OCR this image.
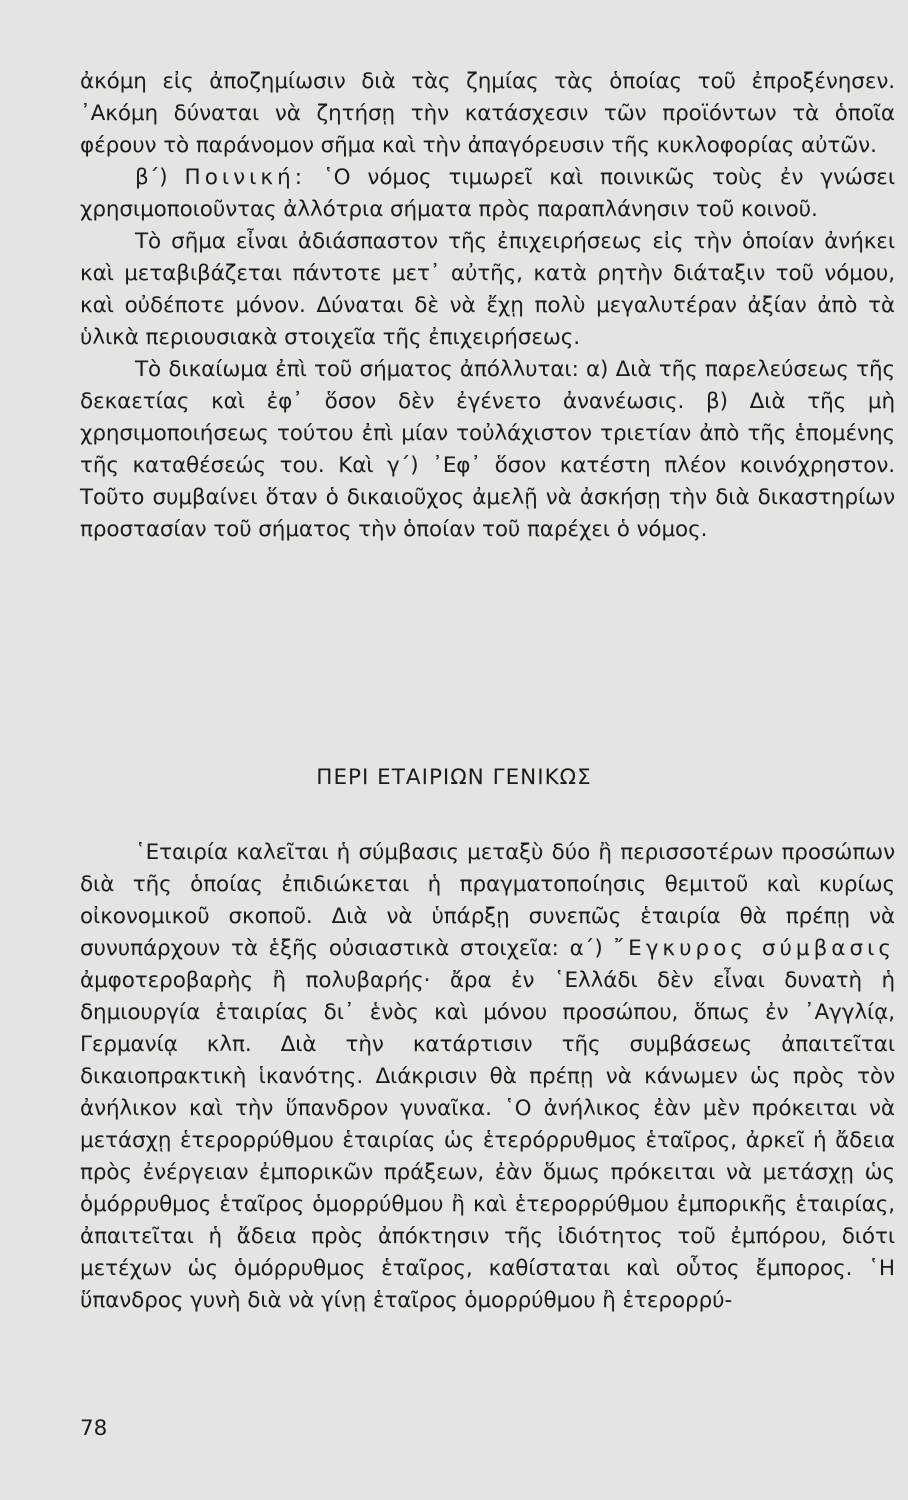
ἀκόμη εἰς ἀποζημίωσιν διὰ τὰς ζημίας τὰς ὁποίας τοῦ ἐπροξένησεν. ᾿Ακόμη δύναται νὰ ζητήσῃ τὴν κατάσχεσιν τῶν προϊόντων τὰ ὁποῖα φέρουν τὸ παράνομον σῆμα καὶ τὴν ἀπαγόρευσιν τῆς κυκλοφορίας αὐτῶν.

β΄) Ποινική: ῾Ο νόμος τιμωρεῖ καὶ ποινικῶς τοὺς ἐν γνώσει χρησιμοποιοῦντας ἀλλότρια σήματα πρὸς παραπλάνησιν τοῦ κοινοῦ.

Τὸ σῆμα εἶναι ἀδιάσπαστον τῆς ἐπιχειρήσεως εἰς τὴν ὁποίαν ἀνήκει καὶ μεταβιβάζεται πάντοτε μετ᾿ αὐτῆς, κατὰ ρητὴν διάταξιν τοῦ νόμου, καὶ οὐδέποτε μόνον. Δύναται δὲ νὰ ἔχῃ πολὺ μεγαλυτέραν ἀξίαν ἀπὸ τὰ ὑλικὰ περιουσιακὰ στοιχεῖα τῆς ἐπιχειρήσεως.

Τὸ δικαίωμα ἐπὶ τοῦ σήματος ἀπόλλυται: α) Διὰ τῆς παρελεύσεως τῆς δεκαετίας καὶ ἐφ᾿ ὅσον δὲν ἐγένετο ἀνανέωσις. β) Διὰ τῆς μὴ χρησιμοποιήσεως τούτου ἐπὶ μίαν τοὐλάχιστον τριετίαν ἀπὸ τῆς ἑπομένης τῆς καταθέσεώς του. Καὶ γ΄) ᾿Εφ᾿ ὅσον κατέστη πλέον κοινόχρηστον. Τοῦτο συμβαίνει ὅταν ὁ δικαιοῦχος ἀμελῇ νὰ ἀσκήσῃ τὴν διὰ δικαστηρίων προστασίαν τοῦ σήματος τὴν ὁποίαν τοῦ παρέχει ὁ νόμος.

ΠΕΡΙ ΕΤΑΙΡΙΩΝ ΓΕΝΙΚΩΣ

῾Εταιρία καλεῖται ἡ σύμβασις μεταξὺ δύο ἢ περισσοτέρων προσώπων διὰ τῆς ὁποίας ἐπιδιώκεται ἡ πραγματοποίησις θεμιτοῦ καὶ κυρίως οἰκονομικοῦ σκοποῦ. Διὰ νὰ ὑπάρξῃ συνεπῶς ἑταιρία θὰ πρέπῃ νὰ συνυπάρχουν τὰ ἑξῆς οὐσιαστικὰ στοιχεῖα: α΄) ῎Εγκυρος σύμβασις ἀμφοτεροβαρὴς ἢ πολυβαρής· ἄρα ἐν ῾Ελλάδι δὲν εἶναι δυνατὴ ἡ δημιουργία ἑταιρίας δι᾿ ἑνὸς καὶ μόνου προσώπου, ὅπως ἐν ᾿Αγγλίᾳ, Γερμανίᾳ κλπ. Διὰ τὴν κατάρτισιν τῆς συμβάσεως ἀπαιτεῖται δικαιοπρακτικὴ ἱκανότης. Διάκρισιν θὰ πρέπῃ νὰ κάνωμεν ὡς πρὸς τὸν ἀνήλικον καὶ τὴν ὕπανδρον γυναῖκα. ῾Ο ἀνήλικος ἐὰν μὲν πρόκειται νὰ μετάσχῃ ἑτερορρύθμου ἑταιρίας ὡς ἑτερόρρυθμος ἑταῖρος, ἀρκεῖ ἡ ἄδεια πρὸς ἐνέργειαν ἐμπορικῶν πράξεων, ἐὰν ὅμως πρόκειται νὰ μετάσχῃ ὡς ὁμόρρυθμος ἑταῖρος ὁμορρύθμου ἢ καὶ ἑτερορρύθμου ἐμπορικῆς ἑταιρίας, ἀπαιτεῖται ἡ ἄδεια πρὸς ἀπόκτησιν τῆς ἰδιότητος τοῦ ἐμπόρου, διότι μετέχων ὡς ὁμόρρυθμος ἑταῖρος, καθίσταται καὶ οὗτος ἔμπορος. ῾Η ὕπανδρος γυνὴ διὰ νὰ γίνῃ ἑταῖρος ὁμορρύθμου ἢ ἑτερορρύ-

78
